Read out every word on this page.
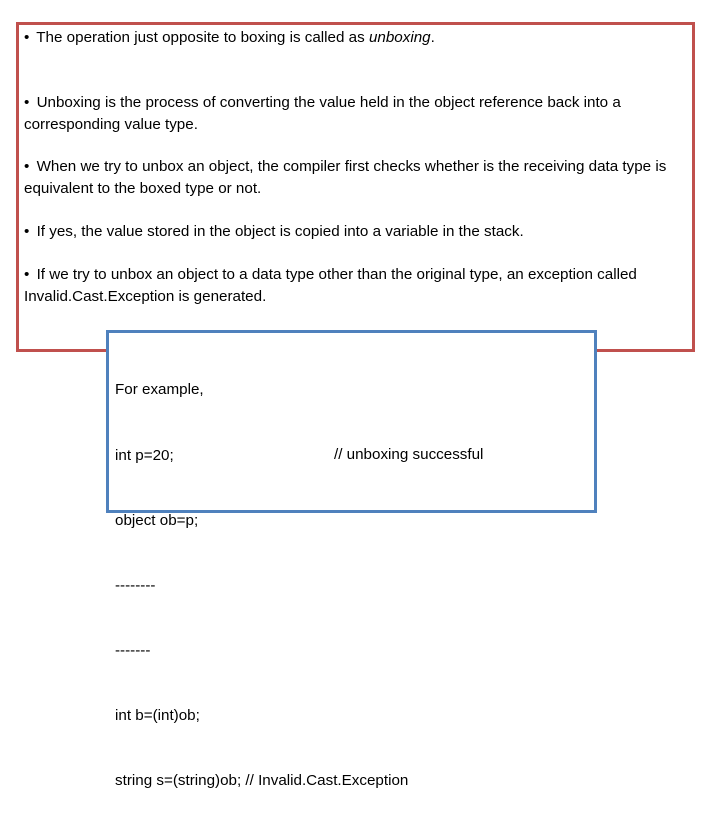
• The operation just opposite to boxing is called as unboxing.

• Unboxing is the process of converting the value held in the object reference back into a corresponding value type.

• When we try to unbox an object, the compiler first checks whether is the receiving data type is equivalent to the boxed type or not.

• If yes, the value stored in the object is copied into a variable in the stack.

• If we try to unbox an object to a data type other than the original type, an exception called Invalid.Cast.Exception is generated.

For example,

int p=20;

object ob=p;

--------

-------

int b=(int)ob;

string s=(string)ob; // Invalid.Cast.Exception

// unboxing successful
